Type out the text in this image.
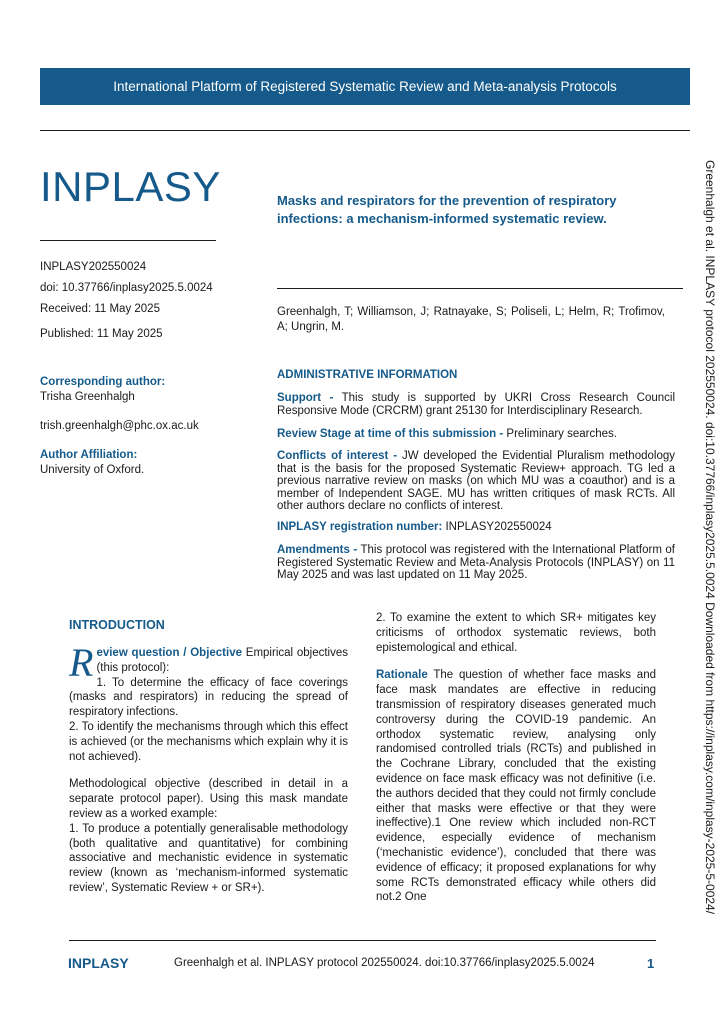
International Platform of Registered Systematic Review and Meta-analysis Protocols
INPLASY
INPLASY202550024
doi: 10.37766/inplasy2025.5.0024
Received: 11 May 2025
Published: 11 May 2025
Masks and respirators for the prevention of respiratory infections: a mechanism-informed systematic review.
Greenhalgh, T; Williamson, J; Ratnayake, S; Poliseli, L; Helm, R; Trofimov, A; Ungrin, M.
Corresponding author:
Trisha Greenhalgh
trish.greenhalgh@phc.ox.ac.uk
Author Affiliation:
University of Oxford.
ADMINISTRATIVE INFORMATION
Support - This study is supported by UKRI Cross Research Council Responsive Mode (CRCRM) grant 25130 for Interdisciplinary Research.
Review Stage at time of this submission - Preliminary searches.
Conflicts of interest - JW developed the Evidential Pluralism methodology that is the basis for the proposed Systematic Review+ approach. TG led a previous narrative review on masks (on which MU was a coauthor) and is a member of Independent SAGE. MU has written critiques of mask RCTs. All other authors declare no conflicts of interest.
INPLASY registration number: INPLASY202550024
Amendments - This protocol was registered with the International Platform of Registered Systematic Review and Meta-Analysis Protocols (INPLASY) on 11 May 2025 and was last updated on 11 May 2025.
INTRODUCTION

Review question / Objective Empirical objectives (this protocol):

1. To determine the efficacy of face coverings (masks and respirators) in reducing the spread of respiratory infections.

2. To identify the mechanisms through which this effect is achieved (or the mechanisms which explain why it is not achieved).

Methodological objective (described in detail in a separate protocol paper). Using this mask mandate review as a worked example:

1. To produce a potentially generalisable methodology (both qualitative and quantitative) for combining associative and mechanistic evidence in systematic review (known as ‘mechanism-informed systematic review’, Systematic Review + or SR+).

2. To examine the extent to which SR+ mitigates key criticisms of orthodox systematic reviews, both epistemological and ethical.

Rationale The question of whether face masks and face mask mandates are effective in reducing transmission of respiratory diseases generated much controversy during the COVID-19 pandemic. An orthodox systematic review, analysing only randomised controlled trials (RCTs) and published in the Cochrane Library, concluded that the existing evidence on face mask efficacy was not definitive (i.e. the authors decided that they could not firmly conclude either that masks were effective or that they were ineffective).1 One review which included non-RCT evidence, especially evidence of mechanism (‘mechanistic evidence’), concluded that there was evidence of efficacy; it proposed explanations for why some RCTs demonstrated efficacy while others did not.2 One	Greenhalgh et al. INPLASY protocol 202550024. doi:10.37766/inplasy2025.5.0024 Downloaded from https://inplasy.com/inplasy-2025-5-0024/
INPLASY	Greenhalgh et al. INPLASY protocol 202550024. doi:10.37766/inplasy2025.5.0024	1
